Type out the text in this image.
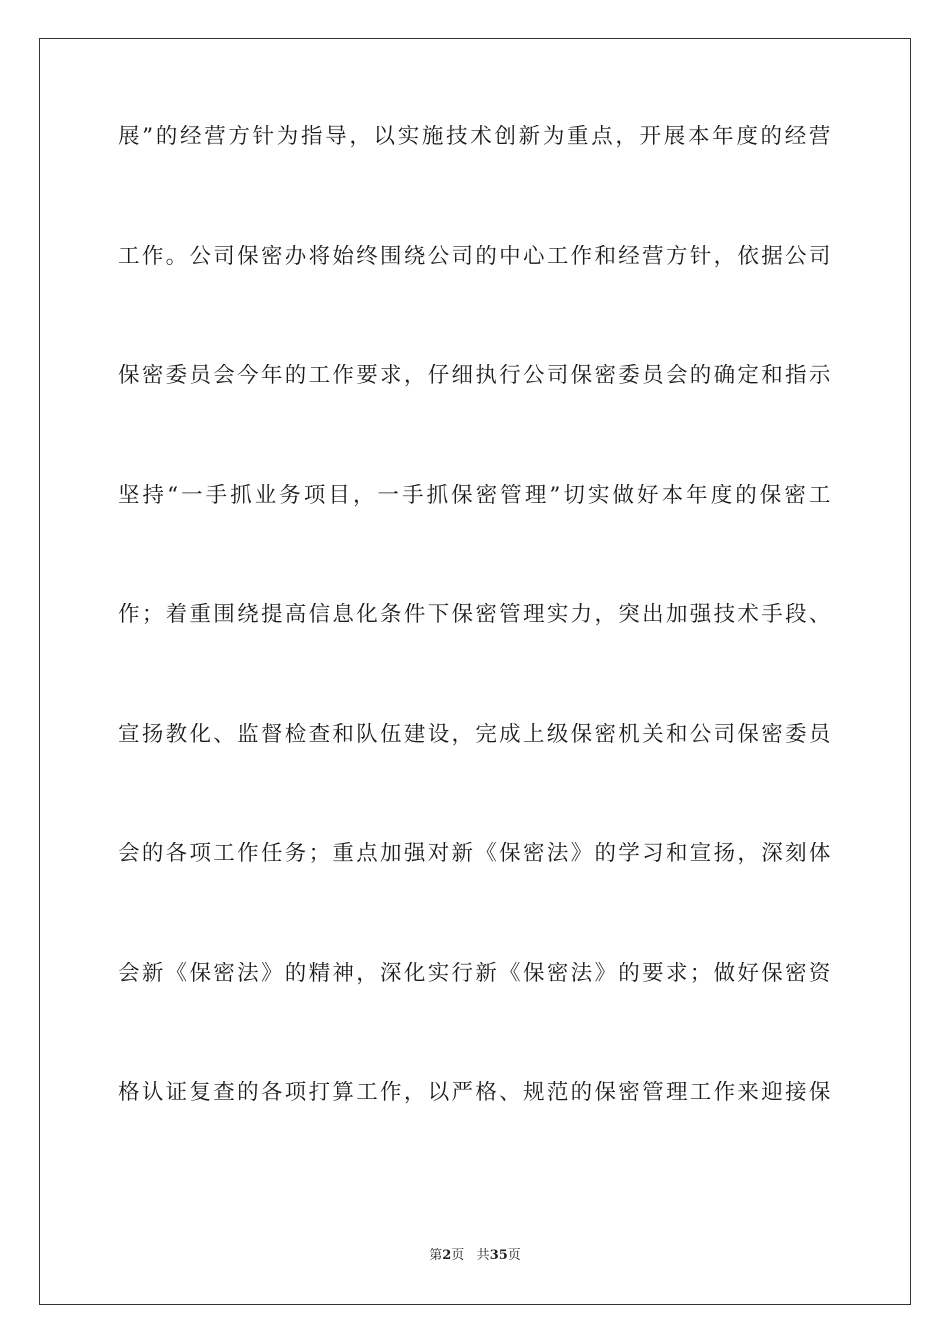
展”的经营方针为指导，以实施技术创新为重点，开展本年度的经营
工作。公司保密办将始终围绕公司的中心工作和经营方针，依据公司
保密委员会今年的工作要求，仔细执行公司保密委员会的确定和指示
坚持“一手抓业务项目，一手抓保密管理”切实做好本年度的保密工
作；着重围绕提高信息化条件下保密管理实力，突出加强技术手段、
宣扬教化、监督检查和队伍建设，完成上级保密机关和公司保密委员
会的各项工作任务；重点加强对新《保密法》的学习和宣扬，深刻体
会新《保密法》的精神，深化实行新《保密法》的要求；做好保密资
格认证复查的各项打算工作，以严格、规范的保密管理工作来迎接保
第2页 共35页
